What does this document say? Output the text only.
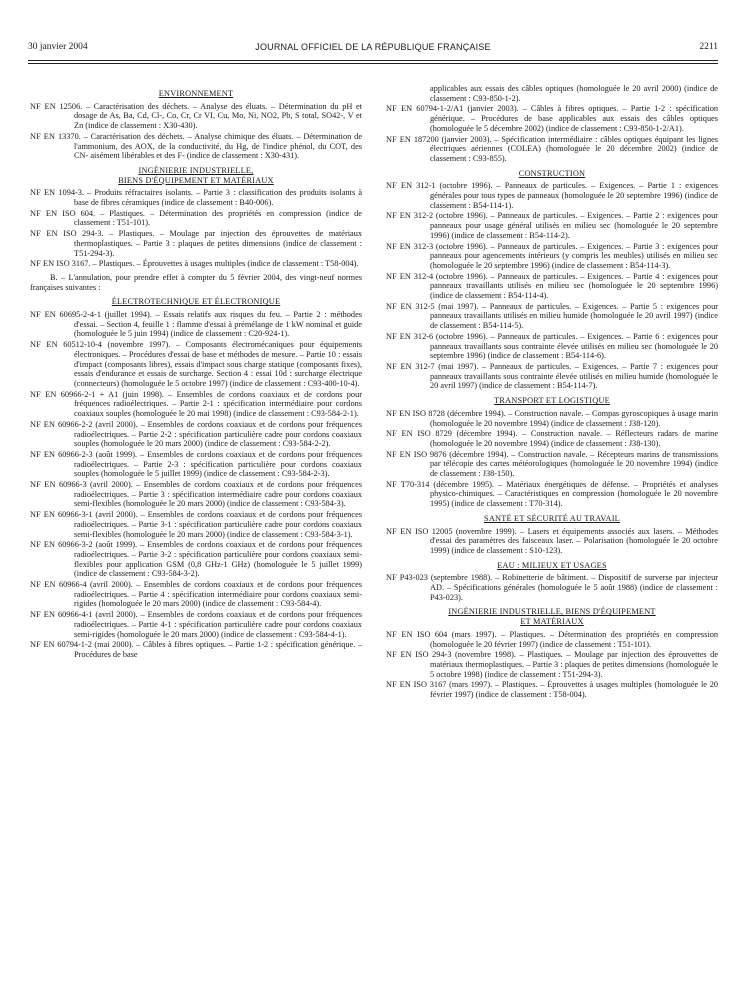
30 janvier 2004	JOURNAL OFFICIEL DE LA RÉPUBLIQUE FRANÇAISE	2211
ENVIRONNEMENT
NF EN 12506. – Caractérisation des déchets. – Analyse des éluats. – Détermination du pH et dosage de As, Ba, Cd, Cl-, Co, Cr, Cr VI, Cu, Mo, Ni, NO2, Pb, S total, SO42-, V et Zn (indice de classement : X30-430).
NF EN 13370. – Caractérisation des déchets. – Analyse chimique des éluats. – Détermination de l'ammonium, des AOX, de la conductivité, du Hg, de l'indice phénol, du COT, des CN- aisément libérables et des F- (indice de classement : X30-431).
INGÉNIERIE INDUSTRIELLE,
BIENS D'ÉQUIPEMENT ET MATÉRIAUX
NF EN 1094-3. – Produits réfractaires isolants. – Partie 3 : classification des produits isolants à base de fibres céramiques (indice de classement : B40-006).
NF EN ISO 604. – Plastiques. – Détermination des propriétés en compression (indice de classement : T51-101).
NF EN ISO 294-3. – Plastiques. – Moulage par injection des éprouvettes de matériaux thermoplastiques. – Partie 3 : plaques de petites dimensions (indice de classement : T51-294-3).
NF EN ISO 3167. – Plastiques. – Éprouvettes à usages multiples (indice de classement : T58-004).
B. – L'annulation, pour prendre effet à compter du 5 février 2004, des vingt-neuf normes françaises suivantes :
ÉLECTROTECHNIQUE ET ÉLECTRONIQUE
NF EN 60695-2-4-1 (juillet 1994). – Essais relatifs aux risques du feu. – Partie 2 : méthodes d'essai. – Section 4, feuille 1 : flamme d'essai à prémélange de 1 kW nominal et guide (homologuée le 5 juin 1994) (indice de classement : C20-924-1).
NF EN 60512-10-4 (novembre 1997). – Composants électromécaniques pour équipements électroniques. – Procédures d'essai de base et méthodes de mesure. – Partie 10 : essais d'impact (composants libres), essais d'impact sous charge statique (composants fixes), essais d'endurance et essais de surcharge. Section 4 : essai 10d : surcharge électrique (connecteurs) (homologuée le 5 octobre 1997) (indice de classement : C93-400-10-4).
NF EN 60966-2-1 + A1 (juin 1998). – Ensembles de cordons coaxiaux et de cordons pour fréquences radioélectriques. – Partie 2-1 : spécification intermédiaire pour cordons coaxiaux souples (homologuée le 20 mai 1998) (indice de classement : C93-584-2-1).
NF EN 60966-2-2 (avril 2000). – Ensembles de cordons coaxiaux et de cordons pour fréquences radioélectriques. – Partie 2-2 : spécification particulière cadre pour cordons coaxiaux souples (homologuée le 20 mars 2000) (indice de classement : C93-584-2-2).
NF EN 60966-2-3 (août 1999). – Ensembles de cordons coaxiaux et de cordons pour fréquences radioélectriques. – Partie 2-3 : spécification particulière pour cordons coaxiaux souples (homologuée le 5 juillet 1999) (indice de classement : C93-584-2-3).
NF EN 60966-3 (avril 2000). – Ensembles de cordons coaxiaux et de cordons pour fréquences radioélectriques. – Partie 3 : spécification intermédiaire cadre pour cordons coaxiaux semi-flexibles (homologuée le 20 mars 2000) (indice de classement : C93-584-3).
NF EN 60966-3-1 (avril 2000). – Ensembles de cordons coaxiaux et de cordons pour fréquences radioélectriques. – Partie 3-1 : spécification particulière cadre pour cordons coaxiaux semi-flexibles (homologuée le 20 mars 2000) (indice de classement : C93-584-3-1).
NF EN 60966-3-2 (août 1999). – Ensembles de cordons coaxiaux et de cordons pour fréquences radioélectriques. – Partie 3-2 : spécification particulière pour cordons coaxiaux semi-flexibles pour application GSM (0,8 GHz-1 GHz) (homologuée le 5 juillet 1999) (indice de classement : C93-584-3-2).
NF EN 60966-4 (avril 2000). – Ensembles de cordons coaxiaux et de cordons pour fréquences radioélectriques. – Partie 4 : spécification intermédiaire pour cordons coaxiaux semi-rigides (homologuée le 20 mars 2000) (indice de classement : C93-584-4).
NF EN 60966-4-1 (avril 2000). – Ensembles de cordons coaxiaux et de cordons pour fréquences radioélectriques. – Partie 4-1 : spécification particulière cadre pour cordons coaxiaux semi-rigides (homologuée le 20 mars 2000) (indice de classement : C93-584-4-1).
NF EN 60794-1-2 (mai 2000). – Câbles à fibres optiques. – Partie 1-2 : spécification générique. – Procédures de base
applicables aux essais des câbles optiques (homologuée le 20 avril 2000) (indice de classement : C93-850-1-2).
NF EN 60794-1-2/A1 (janvier 2003). – Câbles à fibres optiques. – Partie 1-2 : spécification générique. – Procédures de base applicables aux essais des câbles optiques (homologuée le 5 décembre 2002) (indice de classement : C93-850-1-2/A1).
NF EN 187200 (janvier 2003). – Spécification intermédiaire : câbles optiques équipant les lignes électriques aériennes (COLEA) (homologuée le 20 décembre 2002) (indice de classement : C93-855).
CONSTRUCTION
NF EN 312-1 (octobre 1996). – Panneaux de particules. – Exigences. – Partie 1 : exigences générales pour tous types de panneaux (homologuée le 20 septembre 1996) (indice de classement : B54-114-1).
NF EN 312-2 (octobre 1996). – Panneaux de particules. – Exigences. – Partie 2 : exigences pour panneaux pour usage général utilisés en milieu sec (homologuée le 20 septembre 1996) (indice de classement : B54-114-2).
NF EN 312-3 (octobre 1996). – Panneaux de particules. – Exigences. – Partie 3 : exigences pour panneaux pour agencements intérieurs (y compris les meubles) utilisés en milieu sec (homologuée le 20 septembre 1996) (indice de classement : B54-114-3).
NF EN 312-4 (octobre 1996). – Panneaux de particules. – Exigences. – Partie 4 : exigences pour panneaux travaillants utilisés en milieu sec (homologuée le 20 septembre 1996) (indice de classement : B54-114-4).
NF EN 312-5 (mai 1997). – Panneaux de particules. – Exigences. – Partie 5 : exigences pour panneaux travaillants utilisés en milieu humide (homologuée le 20 avril 1997) (indice de classement : B54-114-5).
NF EN 312-6 (octobre 1996). – Panneaux de particules. – Exigences. – Partie 6 : exigences pour panneaux travaillants sous contrainte élevée utilisés en milieu sec (homologuée le 20 septembre 1996) (indice de classement : B54-114-6).
NF EN 312-7 (mai 1997). – Panneaux de particules. – Exigences. – Partie 7 : exigences pour panneaux travaillants sous contrainte élevée utilisés en milieu humide (homologuée le 20 avril 1997) (indice de classement : B54-114-7).
TRANSPORT ET LOGISTIQUE
NF EN ISO 8728 (décembre 1994). – Construction navale. – Compas gyroscopiques à usage marin (homologuée le 20 novembre 1994) (indice de classement : J38-120).
NF EN ISO 8729 (décembre 1994). – Construction navale. – Réflecteurs radars de marine (homologuée le 20 novembre 1994) (indice de classement : J38-130).
NF EN ISO 9876 (décembre 1994). – Construction navale. – Récepteurs marins de transmissions par télécopie des cartes météorologiques (homologuée le 20 novembre 1994) (indice de classement : J38-150).
NF T70-314 (décembre 1995). – Matériaux énergétiques de défense. – Propriétés et analyses physico-chimiques. – Caractéristiques en compression (homologuée le 20 novembre 1995) (indice de classement : T70-314).
SANTÉ ET SÉCURITÉ AU TRAVAIL
NF EN ISO 12005 (novembre 1999). – Lasers et équipements associés aux lasers. – Méthodes d'essai des paramètres des faisceaux laser. – Polarisation (homologuée le 20 octobre 1999) (indice de classement : S10-123).
EAU : MILIEUX ET USAGES
NF P43-023 (septembre 1988). – Robinetterie de bâtiment. – Dispositif de surverse par injecteur AD. – Spécifications générales (homologuée le 5 août 1988) (indice de classement : P43-023).
INGÉNIERIE INDUSTRIELLE, BIENS D'ÉQUIPEMENT
ET MATÉRIAUX
NF EN ISO 604 (mars 1997). – Plastiques. – Détermination des propriétés en compression (homologuée le 20 février 1997) (indice de classement : T51-101).
NF EN ISO 294-3 (novembre 1998). – Plastiques. – Moulage par injection des éprouvettes de matériaux thermoplastiques. – Partie 3 : plaques de petites dimensions (homologuée le 5 octobre 1998) (indice de classement : T51-294-3).
NF EN ISO 3167 (mars 1997). – Plastiques. – Éprouvettes à usages multiples (homologuée le 20 février 1997) (indice de classement : T58-004).
